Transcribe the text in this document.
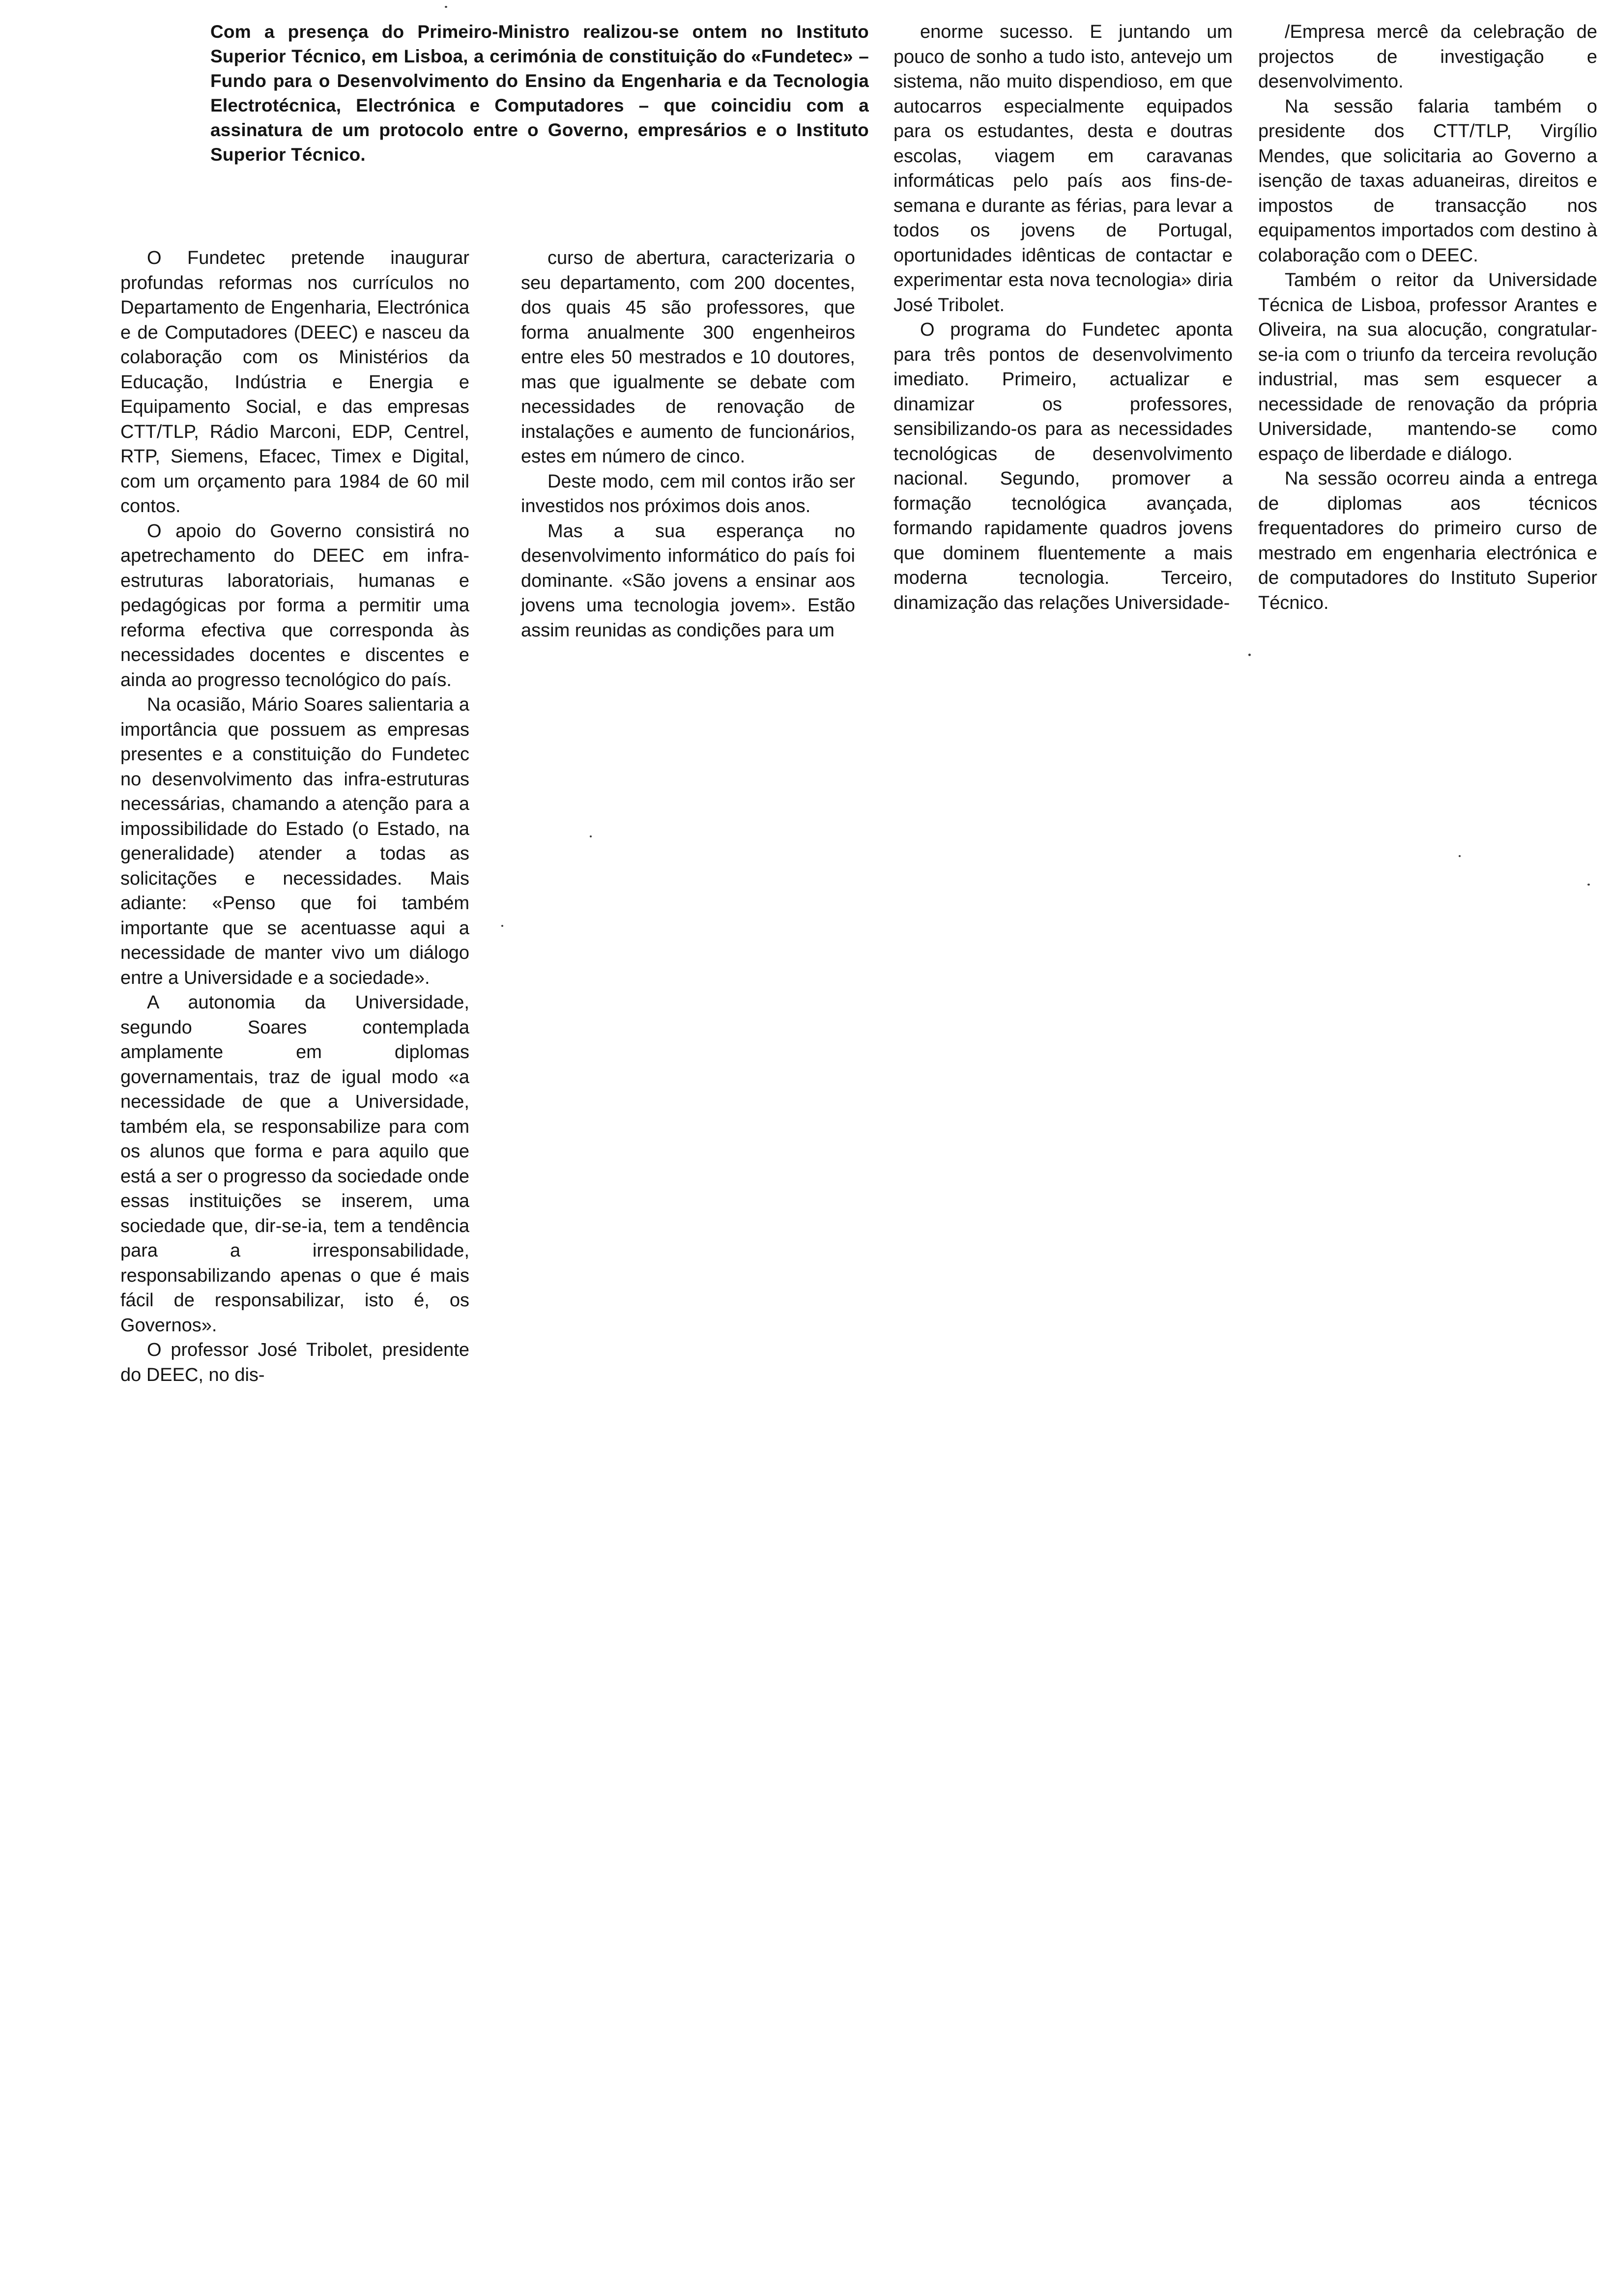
Com a presença do Primeiro-Ministro realizou-se ontem no Instituto Superior Técnico, em Lisboa, a cerimónia de constituição do «Fundetec» – Fundo para o Desenvolvimento do Ensino da Engenharia e da Tecnologia Electrotécnica, Electrónica e Computadores – que coincidiu com a assinatura de um protocolo entre o Governo, empresários e o Instituto Superior Técnico.

O Fundetec pretende inaugurar profundas reformas nos currículos no Departamento de Engenharia, Electrónica e de Computadores (DEEC) e nasceu da colaboração com os Ministérios da Educação, Indústria e Energia e Equipamento Social, e das empresas CTT/TLP, Rádio Marconi, EDP, Centrel, RTP, Siemens, Efacec, Timex e Digital, com um orçamento para 1984 de 60 mil contos.

O apoio do Governo consistirá no apetrechamento do DEEC em infra-estruturas laboratoriais, humanas e pedagógicas por forma a permitir uma reforma efectiva que corresponda às necessidades docentes e discentes e ainda ao progresso tecnológico do país.

Na ocasião, Mário Soares salientaria a importância que possuem as empresas presentes e a constituição do Fundetec no desenvolvimento das infra-estruturas necessárias, chamando a atenção para a impossibilidade do Estado (o Estado, na generalidade) atender a todas as solicitações e necessidades. Mais adiante: «Penso que foi também importante que se acentuasse aqui a necessidade de manter vivo um diálogo entre a Universidade e a sociedade».

A autonomia da Universidade, segundo Soares contemplada amplamente em diplomas governamentais, traz de igual modo «a necessidade de que a Universidade, também ela, se responsabilize para com os alunos que forma e para aquilo que está a ser o progresso da sociedade onde essas instituições se inserem, uma sociedade que, dir-se-ia, tem a tendência para a irresponsabilidade, responsabilizando apenas o que é mais fácil de responsabilizar, isto é, os Governos».

O professor José Tribolet, presidente do DEEC, no dis-

curso de abertura, caracterizaria o seu departamento, com 200 docentes, dos quais 45 são professores, que forma anualmente 300 engenheiros entre eles 50 mestrados e 10 doutores, mas que igualmente se debate com necessidades de renovação de instalações e aumento de funcionários, estes em número de cinco.

Deste modo, cem mil contos irão ser investidos nos próximos dois anos.

Mas a sua esperança no desenvolvimento informático do país foi dominante. «São jovens a ensinar aos jovens uma tecnologia jovem». Estão assim reunidas as condições para um

enorme sucesso. E juntando um pouco de sonho a tudo isto, antevejo um sistema, não muito dispendioso, em que autocarros especialmente equipados para os estudantes, desta e doutras escolas, viagem em caravanas informáticas pelo país aos fins-de-semana e durante as férias, para levar a todos os jovens de Portugal, oportunidades idênticas de contactar e experimentar esta nova tecnologia» diria José Tribolet.

O programa do Fundetec aponta para três pontos de desenvolvimento imediato. Primeiro, actualizar e dinamizar os professores, sensibilizando-os para as necessidades tecnológicas de desenvolvimento nacional. Segundo, promover a formação tecnológica avançada, formando rapidamente quadros jovens que dominem fluentemente a mais moderna tecnologia. Terceiro, dinamização das relações Universidade-

/Empresa mercê da celebração de projectos de investigação e desenvolvimento.

Na sessão falaria também o presidente dos CTT/TLP, Virgílio Mendes, que solicitaria ao Governo a isenção de taxas aduaneiras, direitos e impostos de transacção nos equipamentos importados com destino à colaboração com o DEEC.

Também o reitor da Universidade Técnica de Lisboa, professor Arantes e Oliveira, na sua alocução, congratular-se-ia com o triunfo da terceira revolução industrial, mas sem esquecer a necessidade de renovação da própria Universidade, mantendo-se como espaço de liberdade e diálogo.

Na sessão ocorreu ainda a entrega de diplomas aos técnicos frequentadores do primeiro curso de mestrado em engenharia electrónica e de computadores do Instituto Superior Técnico.
